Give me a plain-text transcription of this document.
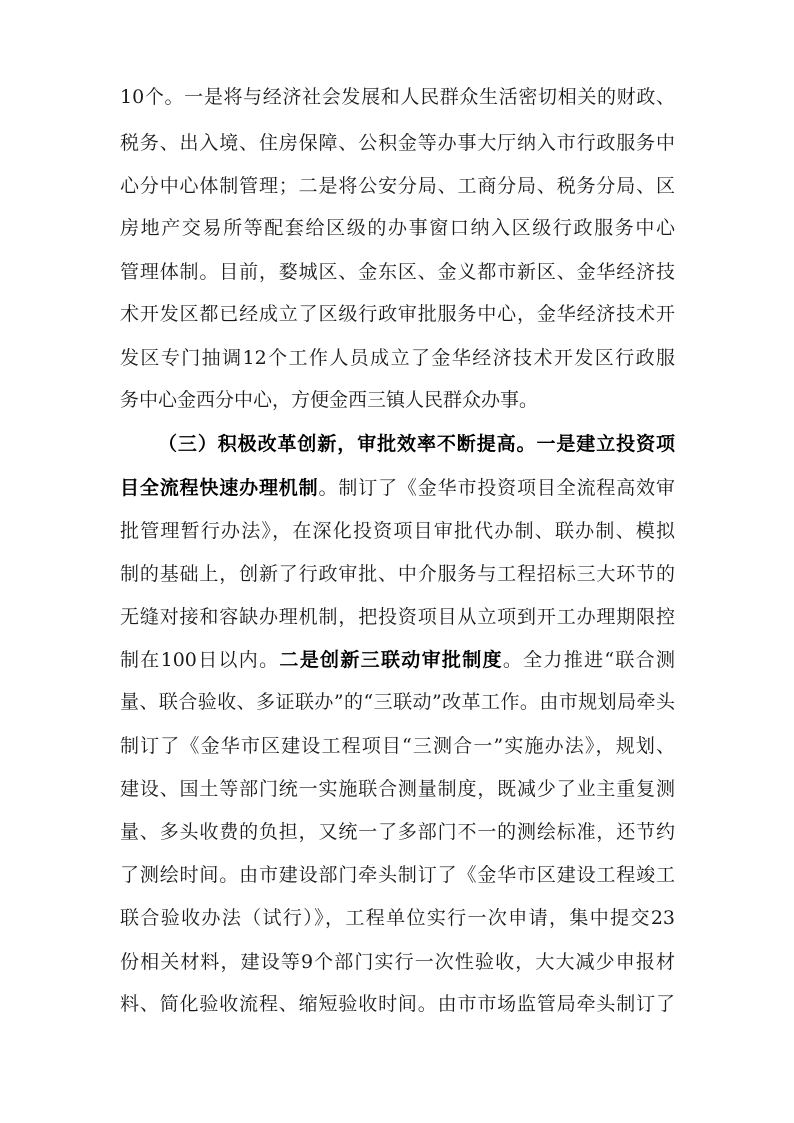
10个。一是将与经济社会发展和人民群众生活密切相关的财政、
税务、出入境、住房保障、公积金等办事大厅纳入市行政服务中
心分中心体制管理；二是将公安分局、工商分局、税务分局、区
房地产交易所等配套给区级的办事窗口纳入区级行政服务中心
管理体制。目前，婺城区、金东区、金义都市新区、金华经济技
术开发区都已经成立了区级行政审批服务中心，金华经济技术开
发区专门抽调12个工作人员成立了金华经济技术开发区行政服
务中心金西分中心，方便金西三镇人民群众办事。
（三）积极改革创新，审批效率不断提高。一是建立投资项
目全流程快速办理机制。制订了《金华市投资项目全流程高效审
批管理暂行办法》，在深化投资项目审批代办制、联办制、模拟
制的基础上，创新了行政审批、中介服务与工程招标三大环节的
无缝对接和容缺办理机制，把投资项目从立项到开工办理期限控
制在100日以内。二是创新三联动审批制度。全力推进“联合测
量、联合验收、多证联办”的“三联动”改革工作。由市规划局牵头
制订了《金华市区建设工程项目“三测合一”实施办法》，规划、
建设、国土等部门统一实施联合测量制度，既减少了业主重复测
量、多头收费的负担，又统一了多部门不一的测绘标准，还节约
了测绘时间。由市建设部门牵头制订了《金华市区建设工程竣工
联合验收办法（试行）》，工程单位实行一次申请，集中提交23
份相关材料，建设等9个部门实行一次性验收，大大减少申报材
料、简化验收流程、缩短验收时间。由市市场监管局牵头制订了
